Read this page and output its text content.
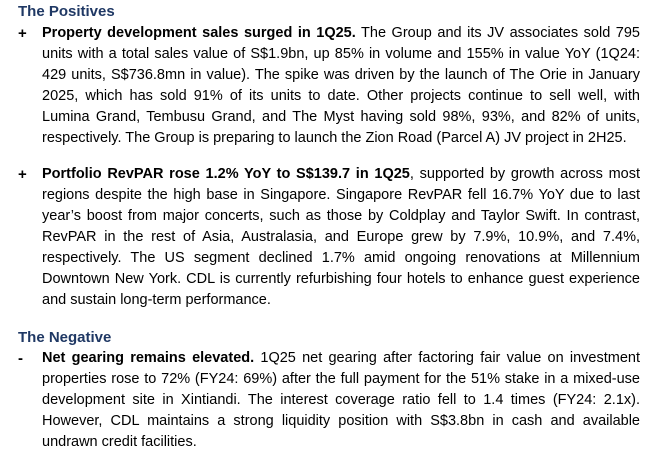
The Positives
+ Property development sales surged in 1Q25. The Group and its JV associates sold 795 units with a total sales value of S$1.9bn, up 85% in volume and 155% in value YoY (1Q24: 429 units, S$736.8mn in value). The spike was driven by the launch of The Orie in January 2025, which has sold 91% of its units to date. Other projects continue to sell well, with Lumina Grand, Tembusu Grand, and The Myst having sold 98%, 93%, and 82% of units, respectively. The Group is preparing to launch the Zion Road (Parcel A) JV project in 2H25.

+ Portfolio RevPAR rose 1.2% YoY to S$139.7 in 1Q25, supported by growth across most regions despite the high base in Singapore. Singapore RevPAR fell 16.7% YoY due to last year’s boost from major concerts, such as those by Coldplay and Taylor Swift. In contrast, RevPAR in the rest of Asia, Australasia, and Europe grew by 7.9%, 10.9%, and 7.4%, respectively. The US segment declined 1.7% amid ongoing renovations at Millennium Downtown New York. CDL is currently refurbishing four hotels to enhance guest experience and sustain long-term performance.

The Negative
- Net gearing remains elevated. 1Q25 net gearing after factoring fair value on investment properties rose to 72% (FY24: 69%) after the full payment for the 51% stake in a mixed-use development site in Xintiandi. The interest coverage ratio fell to 1.4 times (FY24: 2.1x). However, CDL maintains a strong liquidity position with S$3.8bn in cash and available undrawn credit facilities.
